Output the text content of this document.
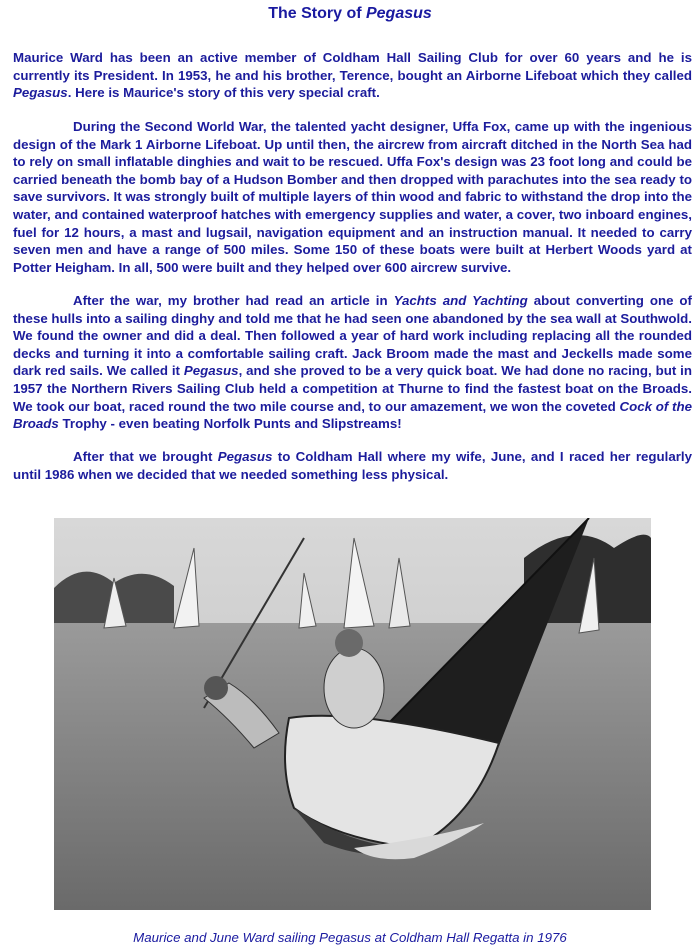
The Story of Pegasus

Maurice Ward has been an active member of Coldham Hall Sailing Club for over 60 years and he is currently its President. In 1953, he and his brother, Terence, bought an Airborne Lifeboat which they called Pegasus. Here is Maurice's story of this very special craft.

During the Second World War, the talented yacht designer, Uffa Fox, came up with the ingenious design of the Mark 1 Airborne Lifeboat. Up until then, the aircrew from aircraft ditched in the North Sea had to rely on small inflatable dinghies and wait to be rescued. Uffa Fox's design was 23 foot long and could be carried beneath the bomb bay of a Hudson Bomber and then dropped with parachutes into the sea ready to save survivors. It was strongly built of multiple layers of thin wood and fabric to withstand the drop into the water, and contained waterproof hatches with emergency supplies and water, a cover, two inboard engines, fuel for 12 hours, a mast and lugsail, navigation equipment and an instruction manual. It needed to carry seven men and have a range of 500 miles. Some 150 of these boats were built at Herbert Woods yard at Potter Heigham. In all, 500 were built and they helped over 600 aircrew survive.

After the war, my brother had read an article in Yachts and Yachting about converting one of these hulls into a sailing dinghy and told me that he had seen one abandoned by the sea wall at Southwold. We found the owner and did a deal. Then followed a year of hard work including replacing all the rounded decks and turning it into a comfortable sailing craft. Jack Broom made the mast and Jeckells made some dark red sails. We called it Pegasus, and she proved to be a very quick boat. We had done no racing, but in 1957 the Northern Rivers Sailing Club held a competition at Thurne to find the fastest boat on the Broads. We took our boat, raced round the two mile course and, to our amazement, we won the coveted Cock of the Broads Trophy - even beating Norfolk Punts and Slipstreams!

After that we brought Pegasus to Coldham Hall where my wife, June, and I raced her regularly until 1986 when we decided that we needed something less physical.

Maurice and June Ward sailing Pegasus at Coldham Hall Regatta in 1976
